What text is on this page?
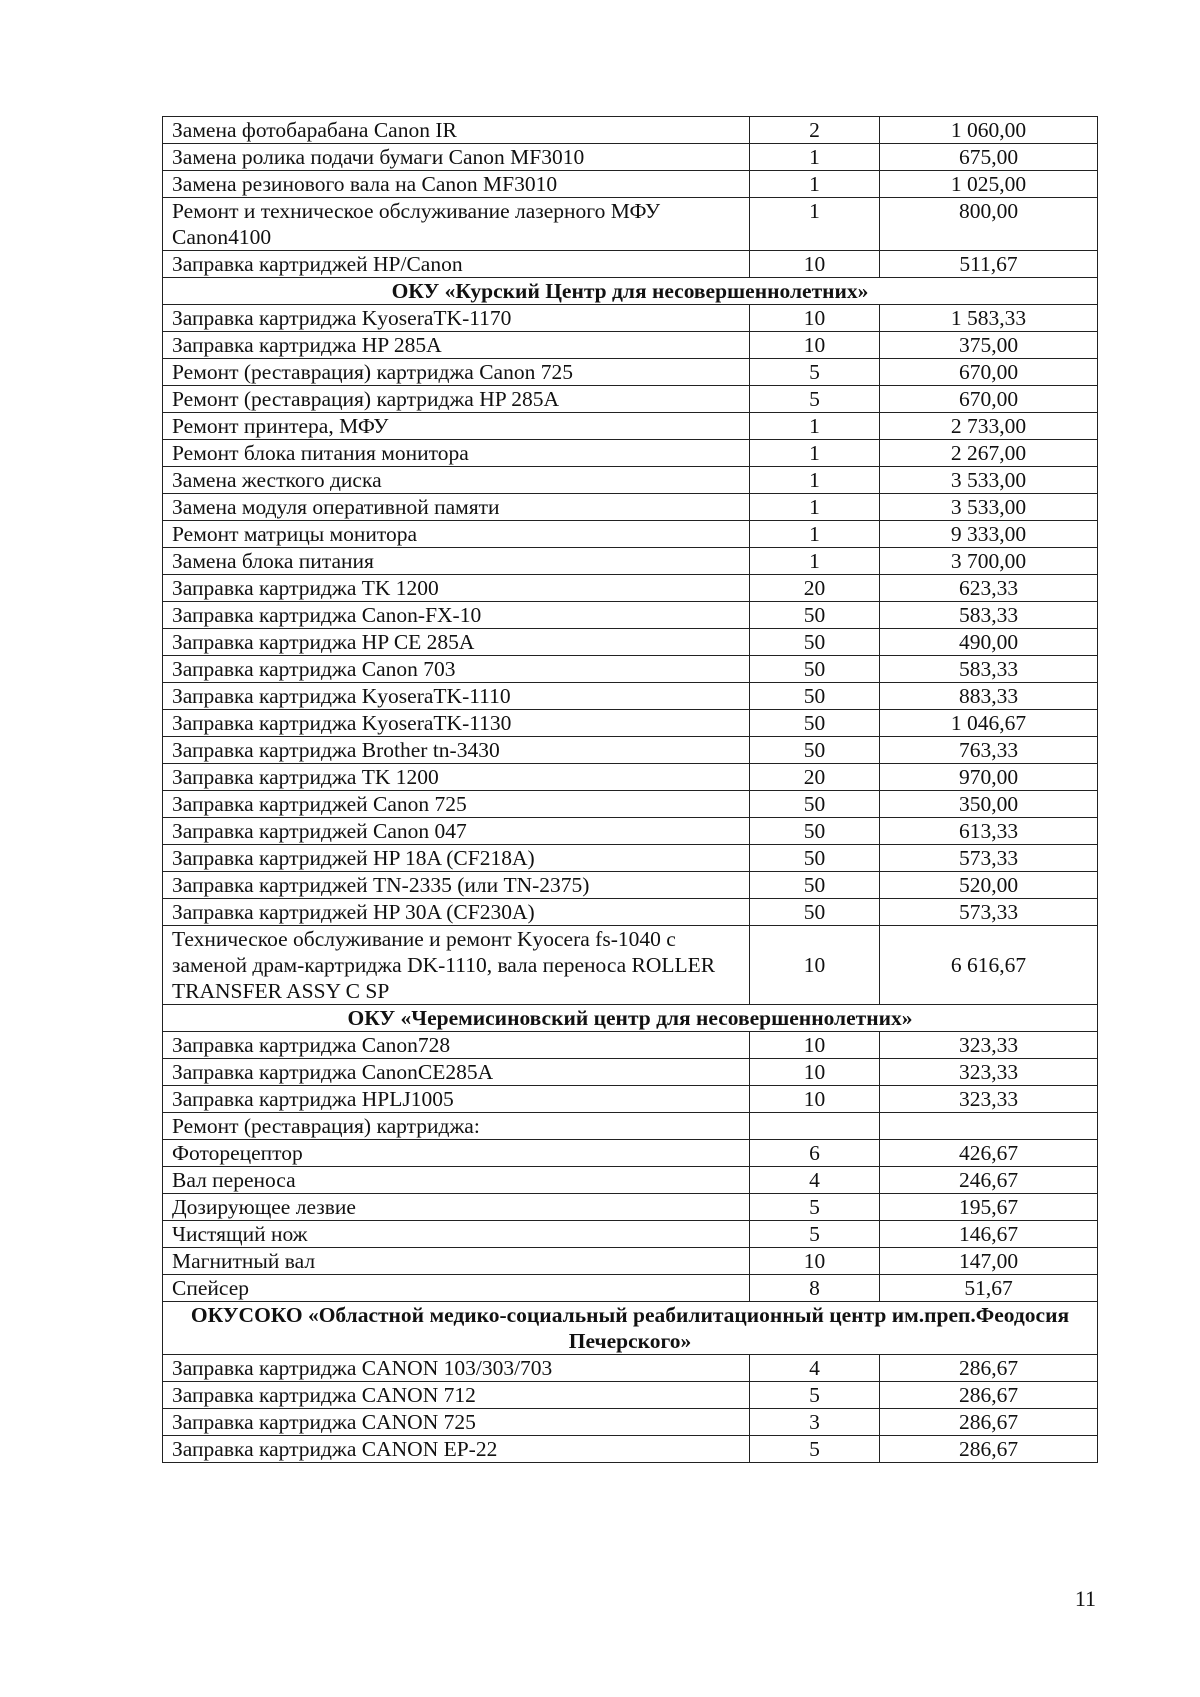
Замена фотобарабана Canon IR	2	1 060,00
Замена ролика подачи бумаги Canon MF3010	1	675,00
Замена резинового вала на Canon MF3010	1	1 025,00
Ремонт и техническое обслуживание лазерного МФУ Canon4100	1	800,00
Заправка картриджей HP/Canon	10	511,67
ОКУ «Курский Центр для несовершеннолетних»		
Заправка картриджа KyoseraTK-1170	10	1 583,33
Заправка картриджа HP 285A	10	375,00
Ремонт (реставрация) картриджа Canon 725	5	670,00
Ремонт (реставрация) картриджа HP 285A	5	670,00
Ремонт принтера, МФУ	1	2 733,00
Ремонт блока питания монитора	1	2 267,00
Замена жесткого диска	1	3 533,00
Замена модуля оперативной памяти	1	3 533,00
Ремонт матрицы монитора	1	9 333,00
Замена блока питания	1	3 700,00
Заправка картриджа TK 1200	20	623,33
Заправка картриджа Canon-FX-10	50	583,33
Заправка картриджа HP CE 285A	50	490,00
Заправка картриджа Canon 703	50	583,33
Заправка картриджа KyoseraTK-1110	50	883,33
Заправка картриджа KyoseraTK-1130	50	1 046,67
Заправка картриджа Brother tn-3430	50	763,33
Заправка картриджа TK 1200	20	970,00
Заправка картриджей Canon 725	50	350,00
Заправка картриджей Canon 047	50	613,33
Заправка картриджей HP 18A (CF218A)	50	573,33
Заправка картриджей TN-2335 (или TN-2375)	50	520,00
Заправка картриджей HP 30A (CF230A)	50	573,33
Техническое обслуживание и ремонт Kyocera fs-1040 с заменой драм-картриджа DK-1110, вала переноса ROLLER TRANSFER ASSY C SP	10	6 616,67
ОКУ «Черемисиновский центр для несовершеннолетних»		
Заправка картриджа Canon728	10	323,33
Заправка картриджа CanonCE285A	10	323,33
Заправка картриджа HPLJ1005	10	323,33
Ремонт (реставрация) картриджа:		
Фоторецептор	6	426,67
Вал переноса	4	246,67
Дозирующее лезвие	5	195,67
Чистящий нож	5	146,67
Магнитный вал	10	147,00
Спейсер	8	51,67
ОКУСОКО «Областной медико-социальный реабилитационный центр им.преп.Феодосия Печерского»		
Заправка картриджа CANON 103/303/703	4	286,67
Заправка картриджа CANON 712	5	286,67
Заправка картриджа CANON 725	3	286,67
Заправка картриджа CANON EP-22	5	286,67
11
